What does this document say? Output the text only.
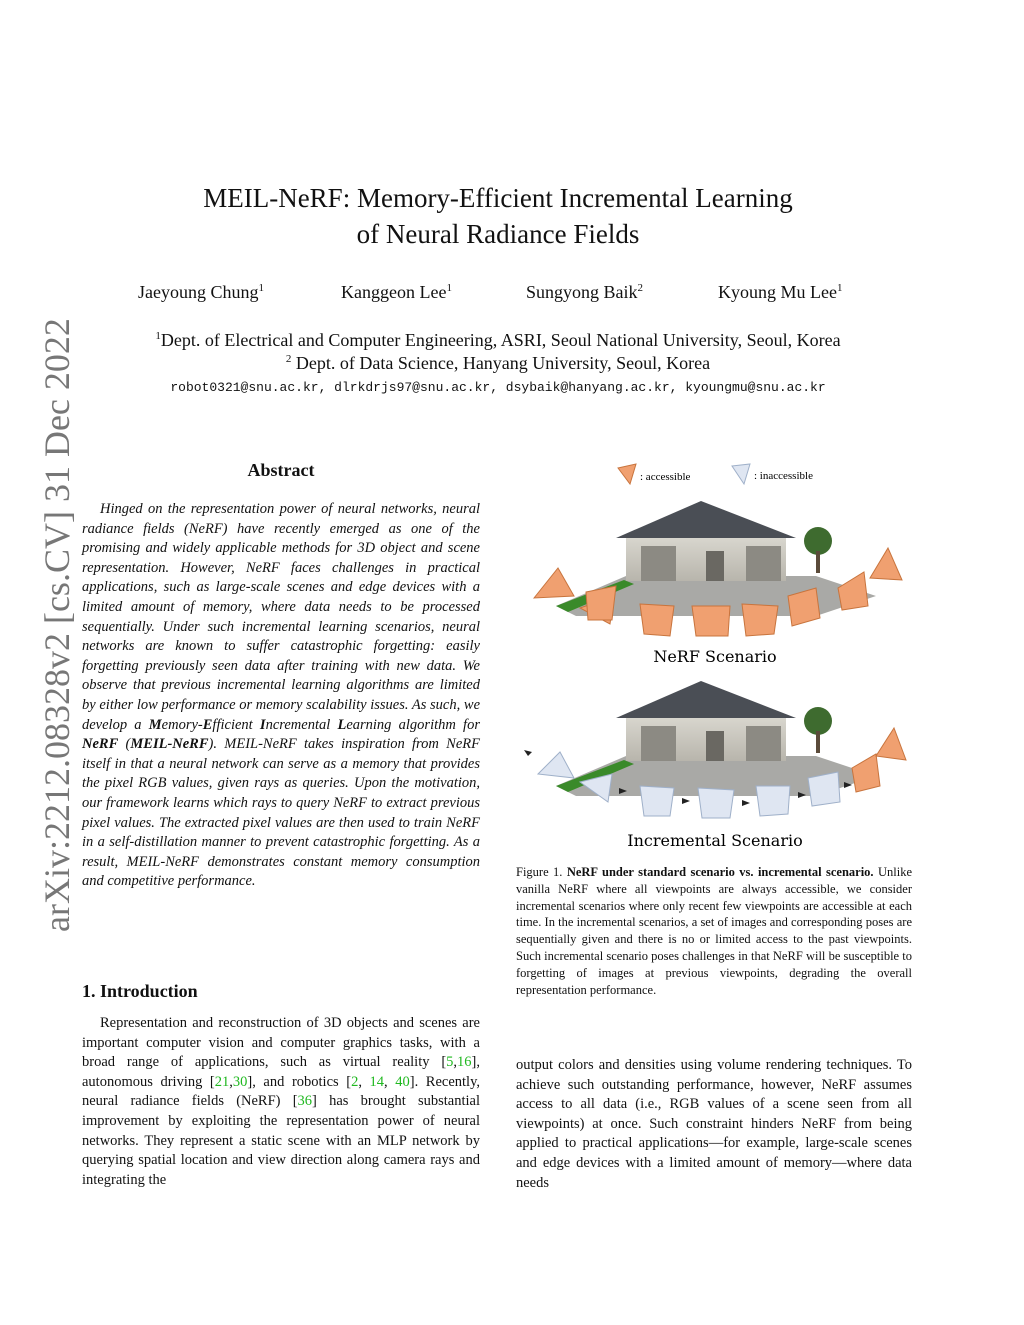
arXiv:2212.08328v2 [cs.CV] 31 Dec 2022
MEIL-NeRF: Memory-Efficient Incremental Learning
of Neural Radiance Fields
Jaeyoung Chung$^1$	Kanggeon Lee$^1$	Sungyong Baik$^2$	Kyoung Mu Lee$^1$
$^1$Dept. of Electrical and Computer Engineering, ASRI, Seoul National University, Seoul, Korea
$^2$ Dept. of Data Science, Hanyang University, Seoul, Korea
robot0321@snu.ac.kr, dlrkdrjs97@snu.ac.kr, dsybaik@hanyang.ac.kr, kyoungmu@snu.ac.kr
Abstract
Hinged on the representation power of neural networks, neural radiance fields (NeRF) have recently emerged as one of the promising and widely applicable methods for 3D object and scene representation. However, NeRF faces challenges in practical applications, such as large-scale scenes and edge devices with a limited amount of memory, where data needs to be processed sequentially. Under such incremental learning scenarios, neural networks are known to suffer catastrophic forgetting: easily forgetting previously seen data after training with new data. We observe that previous incremental learning algorithms are limited by either low performance or memory scalability issues. As such, we develop a Memory-Efficient Incremental Learning algorithm for NeRF (MEIL-NeRF). MEIL-NeRF takes inspiration from NeRF itself in that a neural network can serve as a memory that provides the pixel RGB values, given rays as queries. Upon the motivation, our framework learns which rays to query NeRF to extract previous pixel values. The extracted pixel values are then used to train NeRF in a self-distillation manner to prevent catastrophic forgetting. As a result, MEIL-NeRF demonstrates constant memory consumption and competitive performance.
1. Introduction
Representation and reconstruction of 3D objects and scenes are important computer vision and computer graphics tasks, with a broad range of applications, such as virtual reality [5,16], autonomous driving [21,30], and robotics [2, 14, 40]. Recently, neural radiance fields (NeRF) [36] has brought substantial improvement by exploiting the representation power of neural networks. They represent a static scene with an MLP network by querying spatial location and view direction along camera rays and integrating the
: accessible	: inaccessible
NeRF Scenario
Incremental Scenario
Figure 1. NeRF under standard scenario vs. incremental scenario. Unlike vanilla NeRF where all viewpoints are always accessible, we consider incremental scenarios where only recent few viewpoints are accessible at each time. In the incremental scenarios, a set of images and corresponding poses are sequentially given and there is no or limited access to the past viewpoints. Such incremental scenario poses challenges in that NeRF will be susceptible to forgetting of images at previous viewpoints, degrading the overall representation performance.
output colors and densities using volume rendering techniques. To achieve such outstanding performance, however, NeRF assumes access to all data (i.e., RGB values of a scene seen from all viewpoints) at once. Such constraint hinders NeRF from being applied to practical applications—for example, large-scale scenes and edge devices with a limited amount of memory—where data needs
